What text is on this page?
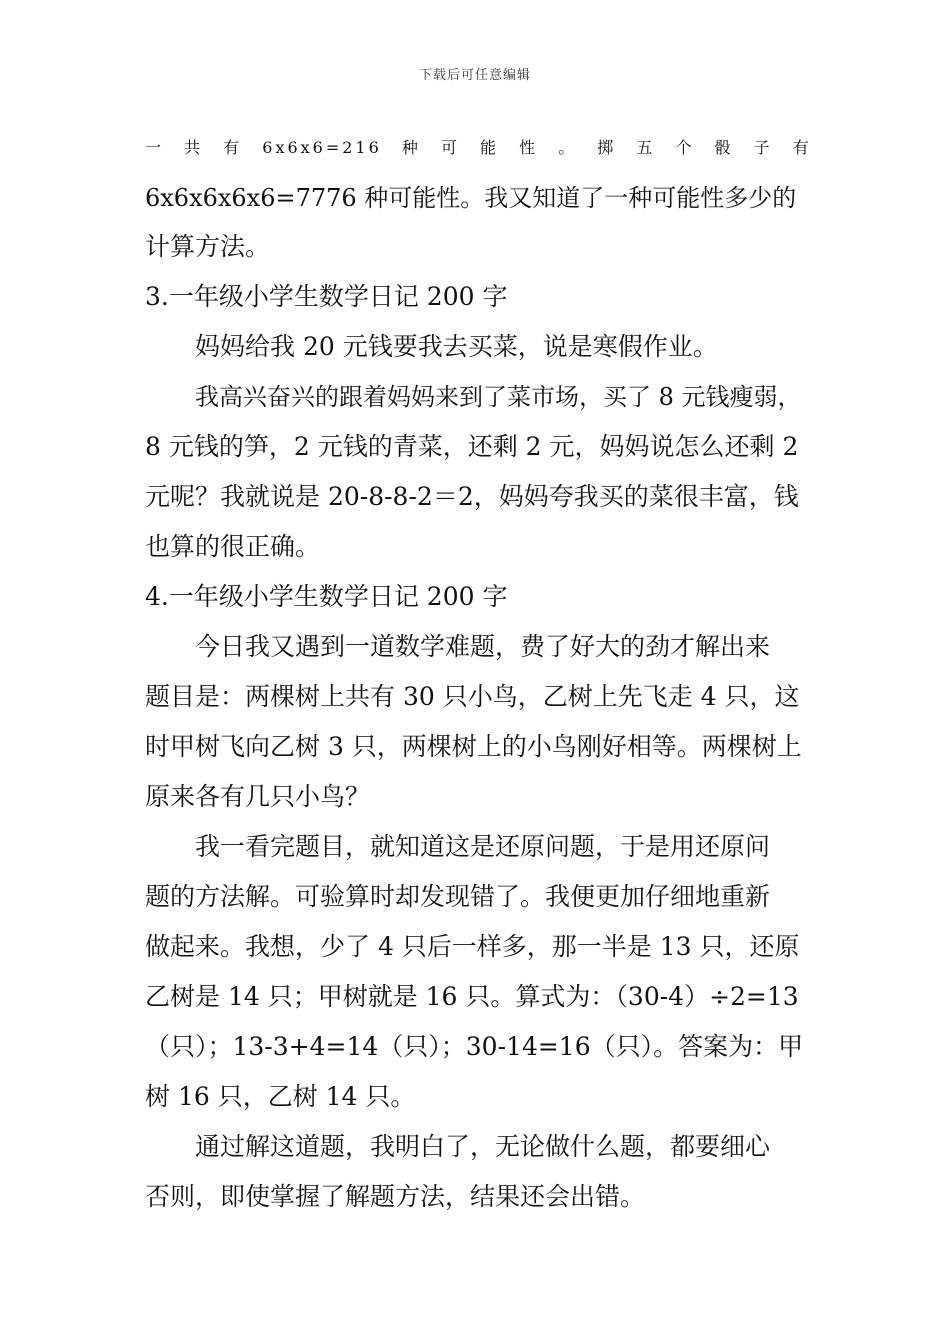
下载后可任意编辑
一 共 有 6x6x6=216 种 可 能 性 。 掷 五 个 骰 子 有
6x6x6x6x6=7776 种可能性。我又知道了一种可能性多少的
计算方法。
3.一年级小学生数学日记 200 字
妈妈给我 20 元钱要我去买菜，说是寒假作业。
我高兴奋兴的跟着妈妈来到了菜市场，买了 8 元钱瘦弱，
8 元钱的笋，2 元钱的青菜，还剩 2 元，妈妈说怎么还剩 2
元呢？我就说是 20-8-8-2＝2，妈妈夸我买的菜很丰富，钱
也算的很正确。
4.一年级小学生数学日记 200 字
今日我又遇到一道数学难题，费了好大的劲才解出来
题目是：两棵树上共有 30 只小鸟，乙树上先飞走 4 只，这
时甲树飞向乙树 3 只，两棵树上的小鸟刚好相等。两棵树上
原来各有几只小鸟？
我一看完题目，就知道这是还原问题，于是用还原问
题的方法解。可验算时却发现错了。我便更加仔细地重新
做起来。我想，少了 4 只后一样多，那一半是 13 只，还原
乙树是 14 只；甲树就是 16 只。算式为：（30-4）÷2=13
（只）；13-3+4=14（只）；30-14=16（只）。答案为：甲
树 16 只，乙树 14 只。
通过解这道题，我明白了，无论做什么题，都要细心
否则，即使掌握了解题方法，结果还会出错。
